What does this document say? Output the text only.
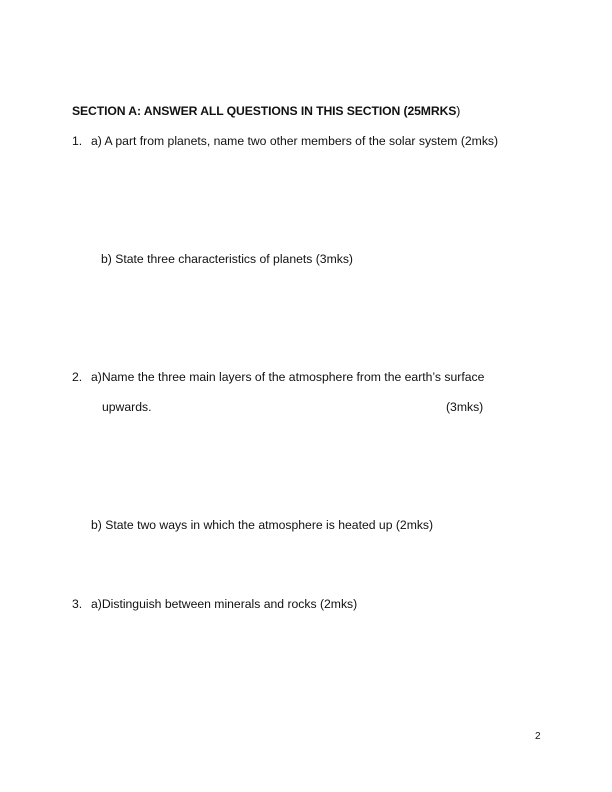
SECTION A: ANSWER ALL QUESTIONS IN THIS SECTION (25MRKS)
1. a) A part from planets, name two other members of the solar system (2mks)
b) State three characteristics of planets (3mks)
2. a)Name the three main layers of the atmosphere from the earth’s surface
upwards.	(3mks)
b) State two ways in which the atmosphere is heated up (2mks)
3. a)Distinguish between minerals and rocks (2mks)
2
